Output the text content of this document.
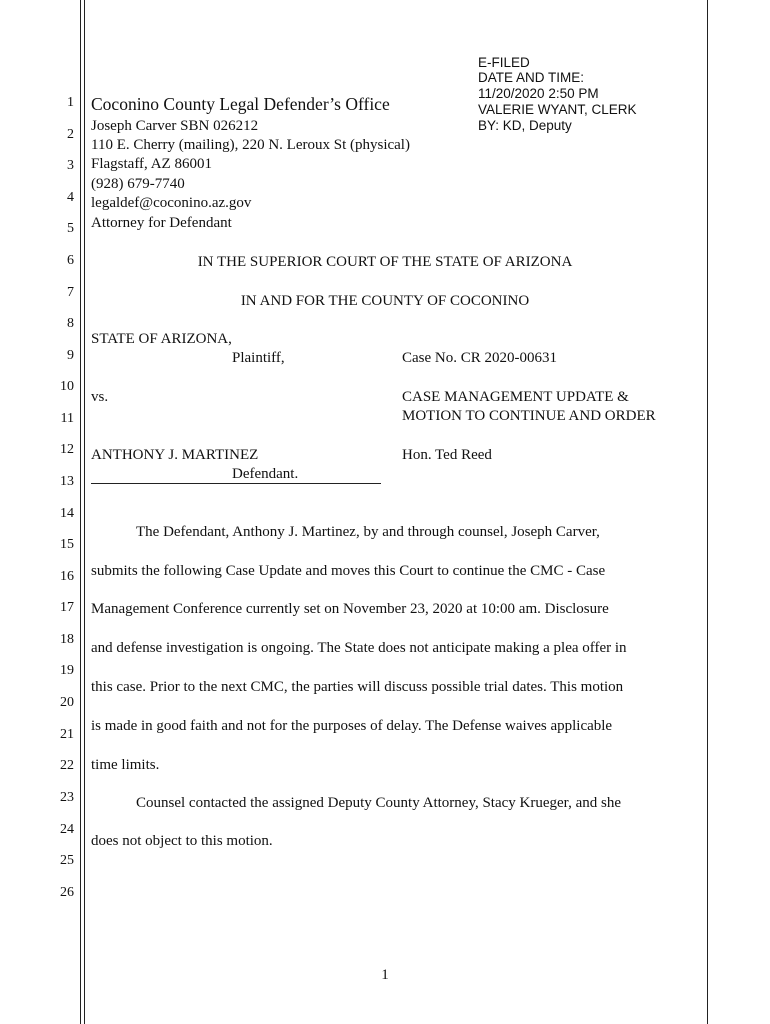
1
2
3
4
5
6
7
8
9
10
11
12
13
14
15
16
17
18
19
20
21
22
23
24
25
26
E-FILED
DATE AND TIME:
11/20/2020 2:50 PM
VALERIE WYANT, CLERK
BY: KD, Deputy
Coconino County Legal Defender’s Office
Joseph Carver SBN 026212
110 E. Cherry (mailing), 220 N. Leroux St (physical)
Flagstaff, AZ 86001
(928) 679-7740
legaldef@coconino.az.gov
Attorney for Defendant
IN THE SUPERIOR COURT OF THE STATE OF ARIZONA
IN AND FOR THE COUNTY OF COCONINO
STATE OF ARIZONA,
Plaintiff,
vs.
ANTHONY J. MARTINEZ
Defendant.
Case No. CR 2020-00631
CASE MANAGEMENT UPDATE &
MOTION TO CONTINUE AND ORDER
Hon. Ted Reed
The Defendant, Anthony J. Martinez, by and through counsel, Joseph Carver,
submits the following Case Update and moves this Court to continue the CMC - Case
Management Conference currently set on November 23, 2020 at 10:00 am. Disclosure
and defense investigation is ongoing. The State does not anticipate making a plea offer in
this case. Prior to the next CMC, the parties will discuss possible trial dates. This motion
is made in good faith and not for the purposes of delay. The Defense waives applicable
time limits.
Counsel contacted the assigned Deputy County Attorney, Stacy Krueger, and she
does not object to this motion.
1
